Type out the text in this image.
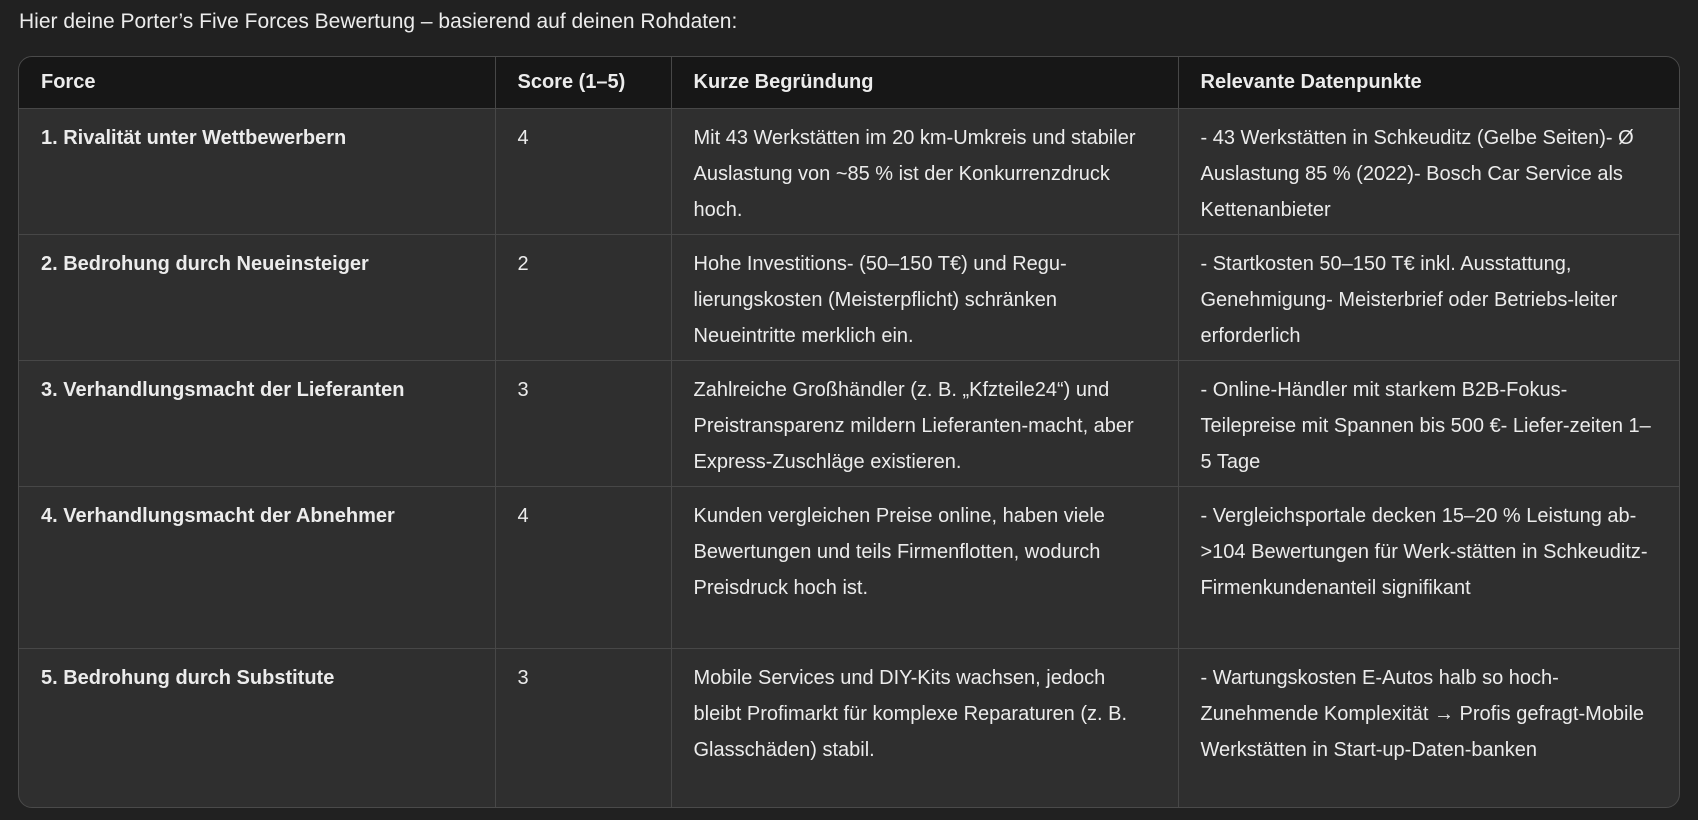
Hier deine Porter’s Five Forces Bewertung – basierend auf deinen Rohdaten:
Force	Score (1–5)	Kurze Begründung	Relevante Datenpunkte
1. Rivalität unter Wettbewerbern	4	Mit 43 Werkstätten im 20 km-Umkreis und stabiler Auslastung von ~85 % ist der Konkurrenzdruck hoch.	- 43 Werkstätten in Schkeuditz (Gelbe Seiten)- Ø Auslastung 85 % (2022)- Bosch Car Service als Kettenanbieter
2. Bedrohung durch Neueinsteiger	2	Hohe Investitions- (50–150 T€) und Regu-lierungskosten (Meisterpflicht) schränken Neueintritte merklich ein.	- Startkosten 50–150 T€ inkl. Ausstattung, Genehmigung- Meisterbrief oder Betriebs-leiter erforderlich
3. Verhandlungsmacht der Lieferanten	3	Zahlreiche Großhändler (z. B. „Kfzteile24“) und Preistransparenz mildern Lieferanten-macht, aber Express-Zuschläge existieren.	- Online-Händler mit starkem B2B-Fokus-Teilepreise mit Spannen bis 500 €- Liefer-zeiten 1–5 Tage
4. Verhandlungsmacht der Abnehmer	4	Kunden vergleichen Preise online, haben viele Bewertungen und teils Firmenflotten, wodurch Preisdruck hoch ist.	- Vergleichsportale decken 15–20 % Leistung ab- >104 Bewertungen für Werk-stätten in Schkeuditz- Firmenkundenanteil signifikant
5. Bedrohung durch Substitute	3	Mobile Services und DIY-Kits wachsen, jedoch bleibt Profimarkt für komplexe Reparaturen (z. B. Glasschäden) stabil.	- Wartungskosten E-Autos halb so hoch-Zunehmende Komplexität → Profis gefragt-Mobile Werkstätten in Start-up-Daten-banken
